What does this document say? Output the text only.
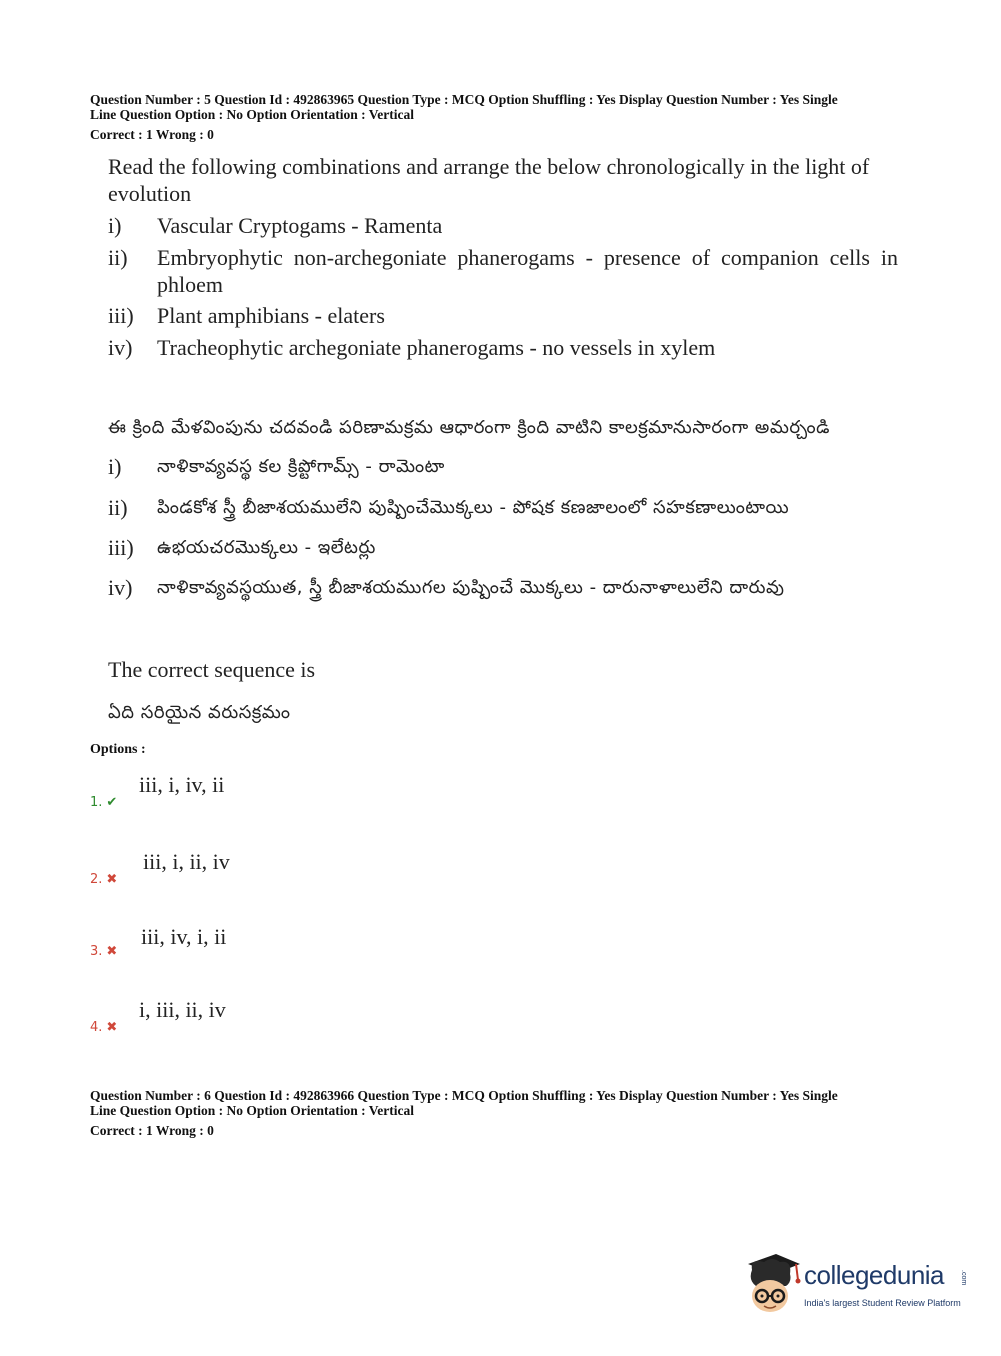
Question Number : 5 Question Id : 492863965 Question Type : MCQ Option Shuffling : Yes Display Question Number : Yes Single
Line Question Option : No Option Orientation : Vertical
Correct : 1 Wrong : 0
Read the following combinations and arrange the below chronologically in the light of evolution
i)	Vascular Cryptogams - Ramenta
ii)	Embryophytic non-archegoniate phanerogams - presence of companion cells in phloem
iii)	Plant amphibians - elaters
iv)	Tracheophytic archegoniate phanerogams - no vessels in xylem
ఈ క్రింది మేళవింపును చదవండి పరిణామక్రమ ఆధారంగా క్రింది వాటిని కాలక్రమానుసారంగా అమర్చండి
i)	నాళికావ్యవస్థ కల క్రిప్టోగామ్స్ - రామెంటా
ii)	పిండకోశ స్త్రీ బీజాశయములేని పుష్పించేమొక్కలు - పోషక కణజాలంలో సహకణాలుంటాయి
iii)	ఉభయచరమొక్కలు - ఇలేటర్లు
iv)	నాళికావ్యవస్థయుత, స్త్రీ బీజాశయముగల పుష్పించే మొక్కలు - దారునాళాలులేని దారువు
The correct sequence is
ఏది సరియైన వరుసక్రమం
Options :
1. ✔
iii, i, iv, ii
2. ✖
iii, i, ii, iv
3. ✖
iii, iv, i, ii
4. ✖
i, iii, ii, iv
Question Number : 6 Question Id : 492863966 Question Type : MCQ Option Shuffling : Yes Display Question Number : Yes Single
Line Question Option : No Option Orientation : Vertical
Correct : 1 Wrong : 0
collegedunia .com
India's largest Student Review Platform
